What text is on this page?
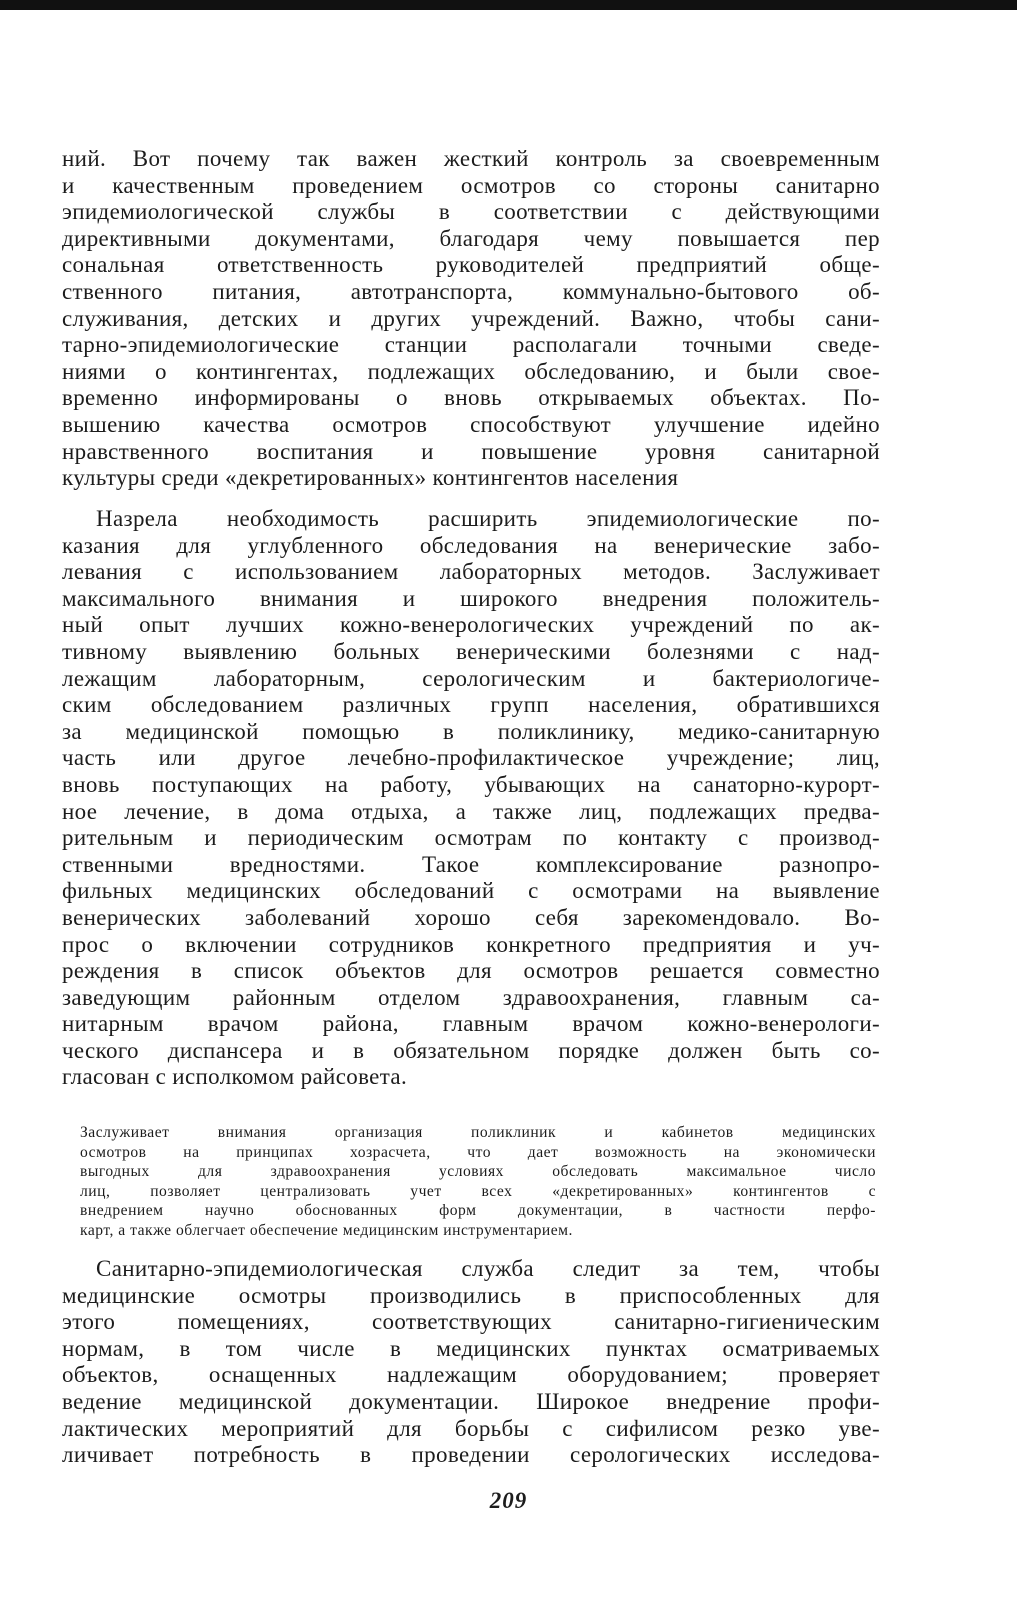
ний. Вот почему так важен жесткий контроль за своевременным
и качественным проведением осмотров со стороны санитарно
эпидемиологической службы в соответствии с действующими
директивными документами, благодаря чему повышается пер
сональная ответственность руководителей предприятий обще-
ственного питания, автотранспорта, коммунально-бытового об-
служивания, детских и других учреждений. Важно, чтобы сани-
тарно-эпидемиологические станции располагали точными сведе-
ниями о контингентах, подлежащих обследованию, и были свое-
временно информированы о вновь открываемых объектах. По-
вышению качества осмотров способствуют улучшение идейно
нравственного воспитания и повышение уровня санитарной
культуры среди «декретированных» контингентов населения
Назрела необходимость расширить эпидемиологические по-
казания для углубленного обследования на венерические забо-
левания с использованием лабораторных методов. Заслуживает
максимального внимания и широкого внедрения положитель-
ный опыт лучших кожно-венерологических учреждений по ак-
тивному выявлению больных венерическими болезнями с над-
лежащим лабораторным, серологическим и бактериологиче-
ским обследованием различных групп населения, обратившихся
за медицинской помощью в поликлинику, медико-санитарную
часть или другое лечебно-профилактическое учреждение; лиц,
вновь поступающих на работу, убывающих на санаторно-курорт-
ное лечение, в дома отдыха, а также лиц, подлежащих предва-
рительным и периодическим осмотрам по контакту с производ-
ственными вредностями. Такое комплексирование разнопро-
фильных медицинских обследований с осмотрами на выявление
венерических заболеваний хорошо себя зарекомендовало. Во-
прос о включении сотрудников конкретного предприятия и уч-
реждения в список объектов для осмотров решается совместно
заведующим районным отделом здравоохранения, главным са-
нитарным врачом района, главным врачом кожно-венерологи-
ческого диспансера и в обязательном порядке должен быть со-
гласован с исполкомом райсовета.
Заслуживает внимания организация поликлиник и кабинетов медицинских
осмотров на принципах хозрасчета, что дает возможность на экономически
выгодных для здравоохранения условиях обследовать максимальное число
лиц, позволяет централизовать учет всех «декретированных» контингентов с
внедрением научно обоснованных форм документации, в частности перфо-
карт, а также облегчает обеспечение медицинским инструментарием.
Санитарно-эпидемиологическая служба следит за тем, чтобы
медицинские осмотры производились в приспособленных для
этого помещениях, соответствующих санитарно-гигиеническим
нормам, в том числе в медицинских пунктах осматриваемых
объектов, оснащенных надлежащим оборудованием; проверяет
ведение медицинской документации. Широкое внедрение профи-
лактических мероприятий для борьбы с сифилисом резко уве-
личивает потребность в проведении серологических исследова-
209
